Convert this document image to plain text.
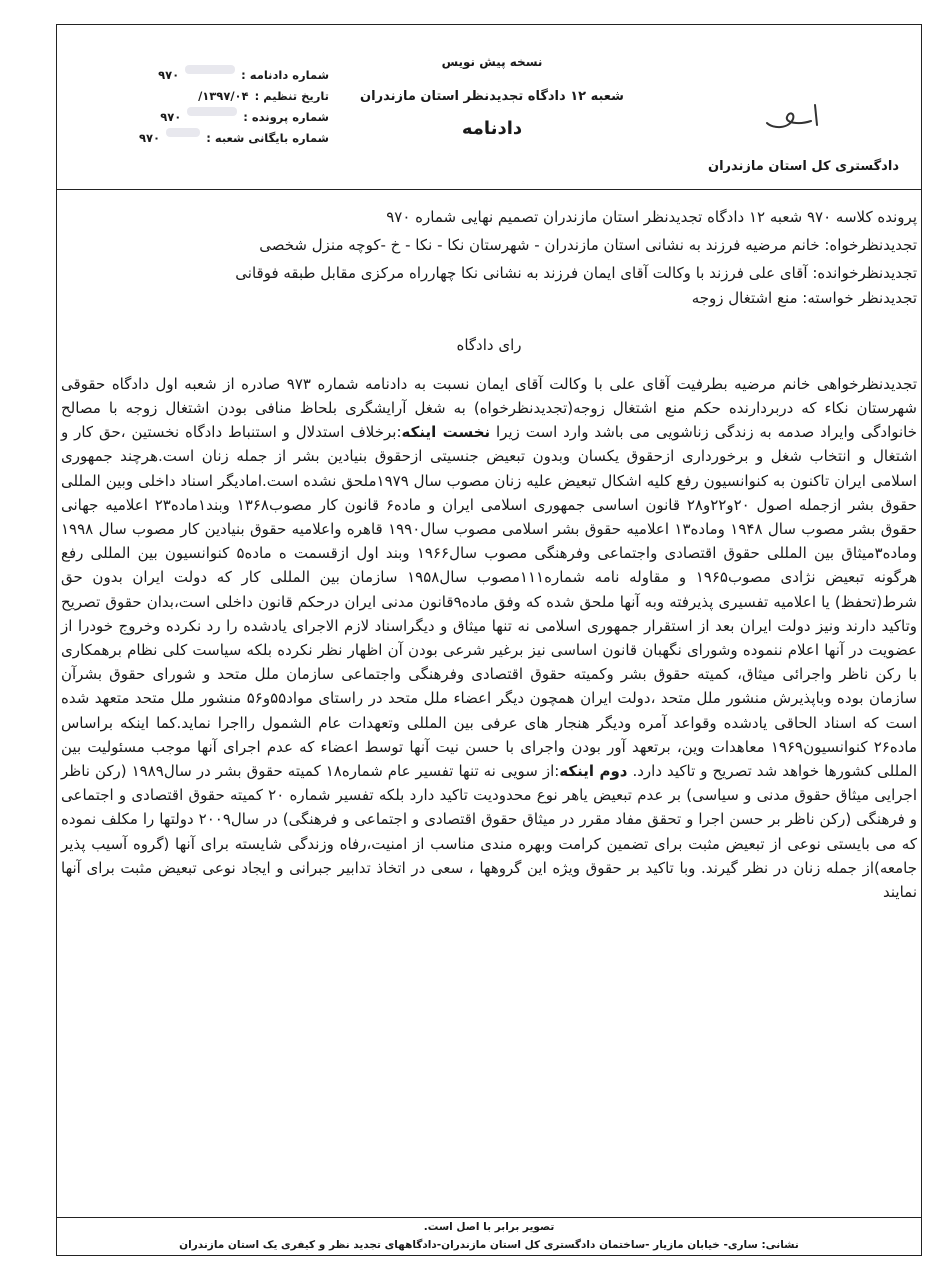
شماره دادنامه :
۹۷۰
تاریخ تنظیم :
۱۳۹۷/۰۴/
شماره پرونده :
۹۷۰
شماره بایگانی شعبه :
۹۷۰
نسخه پیش نویس
شعبه ۱۲ دادگاه تجدیدنظر استان مازندران
دادنامه
دادگستری کل استان مازندران

پرونده کلاسه ۹۷۰ شعبه ۱۲ دادگاه تجدیدنظر استان مازندران تصمیم نهایی شماره ۹۷۰

تجدیدنظرخواه: خانم مرضیه فرزند به نشانی استان مازندران - شهرستان نکا - نکا - خ -کوچه منزل شخصی

تجدیدنظرخوانده: آقای علی فرزند با وکالت آقای ایمان فرزند به نشانی نکا چهارراه مرکزی مقابل طبقه فوقانی

تجدیدنظر خواسته: منع اشتغال زوجه

رای دادگاه

تجدیدنظرخواهی خانم مرضیه بطرفیت آقای علی با وکالت آقای ایمان نسبت به دادنامه شماره ۹۷۳ صادره از شعبه اول دادگاه حقوقی شهرستان نکاء که دربردارنده حکم منع اشتغال زوجه(تجدیدنظرخواه) به شغل آرایشگری بلحاظ منافی بودن اشتغال زوجه با مصالح خانوادگی وایراد صدمه به زندگی زناشویی می باشد وارد است زیرا نخست اینکه:برخلاف استدلال و استنباط دادگاه نخستین ،حق کار و اشتغال و انتخاب شغل و برخورداری ازحقوق یکسان وبدون تبعیض جنسیتی ازحقوق بنیادین بشر از جمله زنان است.هرچند جمهوری اسلامی ایران تاکنون به کنوانسیون رفع کلیه اشکال تبعیض علیه زنان مصوب سال ۱۹۷۹ملحق نشده است.امادیگر اسناد داخلی وبین المللی حقوق بشر ازجمله اصول ۲۰و۲۲و۲۸ قانون اساسی جمهوری اسلامی ایران و ماده۶ قانون کار مصوب۱۳۶۸ وبند۱ماده۲۳ اعلامیه جهانی حقوق بشر مصوب سال ۱۹۴۸ وماده۱۳ اعلامیه حقوق بشر اسلامی مصوب سال۱۹۹۰ قاهره واعلامیه حقوق بنیادین کار مصوب سال ۱۹۹۸ وماده۳میثاق بین المللی حقوق اقتصادی واجتماعی وفرهنگی مصوب سال۱۹۶۶ وبند اول ازقسمت ه ماده۵ کنوانسیون بین المللی رفع هرگونه تبعیض نژادی مصوب۱۹۶۵ و مقاوله نامه شماره۱۱۱مصوب سال۱۹۵۸ سازمان بین المللی کار که دولت ایران بدون حق شرط(تحفظ) یا اعلامیه تفسیری پذیرفته وبه آنها ملحق شده که وفق ماده۹قانون مدنی ایران درحکم قانون داخلی است،بدان حقوق تصریح وتاکید دارند ونیز دولت ایران بعد از استقرار جمهوری اسلامی نه تنها میثاق و دیگراسناد لازم الاجرای یادشده را رد نکرده وخروج خودرا از عضویت در آنها اعلام ننموده وشورای نگهبان قانون اساسی نیز برغیر شرعی بودن آن اظهار نظر نکرده بلکه سیاست کلی نظام برهمکاری با رکن ناظر واجرائی میثاق، کمیته حقوق بشر وکمیته حقوق اقتصادی وفرهنگی واجتماعی سازمان ملل متحد و شورای حقوق بشرآن سازمان بوده وباپذیرش منشور ملل متحد ،دولت ایران همچون دیگر اعضاء ملل متحد در راستای مواد۵۵و۵۶ منشور ملل متحد متعهد شده است که اسناد الحاقی یادشده وقواعد آمره ودیگر هنجار های عرفی بین المللی وتعهدات عام الشمول رااجرا نماید.کما اینکه براساس ماده۲۶ کنوانسیون۱۹۶۹ معاهدات وین، برتعهد آور بودن واجرای با حسن نیت آنها توسط اعضاء که عدم اجرای آنها موجب مسئولیت بین المللی کشورها خواهد شد تصریح و تاکید دارد. دوم اینکه:از سویی نه تنها تفسیر عام شماره۱۸ کمیته حقوق بشر در سال۱۹۸۹ (رکن ناظر اجرایی میثاق حقوق مدنی و سیاسی) بر عدم تبعیض یاهر نوع محدودیت تاکید دارد بلکه تفسیر شماره ۲۰ کمیته حقوق اقتصادی و اجتماعی و فرهنگی (رکن ناظر بر حسن اجرا و تحقق مفاد مقرر در میثاق حقوق اقتصادی و اجتماعی و فرهنگی) در سال۲۰۰۹ دولتها را مکلف نموده که می بایستی نوعی از تبعیض مثبت برای تضمین کرامت وبهره مندی مناسب از امنیت،رفاه وزندگی شایسته برای آنها (گروه آسیب پذیر جامعه)از جمله زنان در نظر گیرند. وبا تاکید بر حقوق ویژه این گروهها ، سعی در اتخاذ تدابیر جبرانی و ایجاد نوعی تبعیض مثبت برای آنها نمایند

تصویر برابر با اصل است.
نشانی: ساری- خیابان مازیار -ساختمان دادگستری کل استان مازندران-دادگاههای تجدید نظر و کیفری یک استان مازندران
